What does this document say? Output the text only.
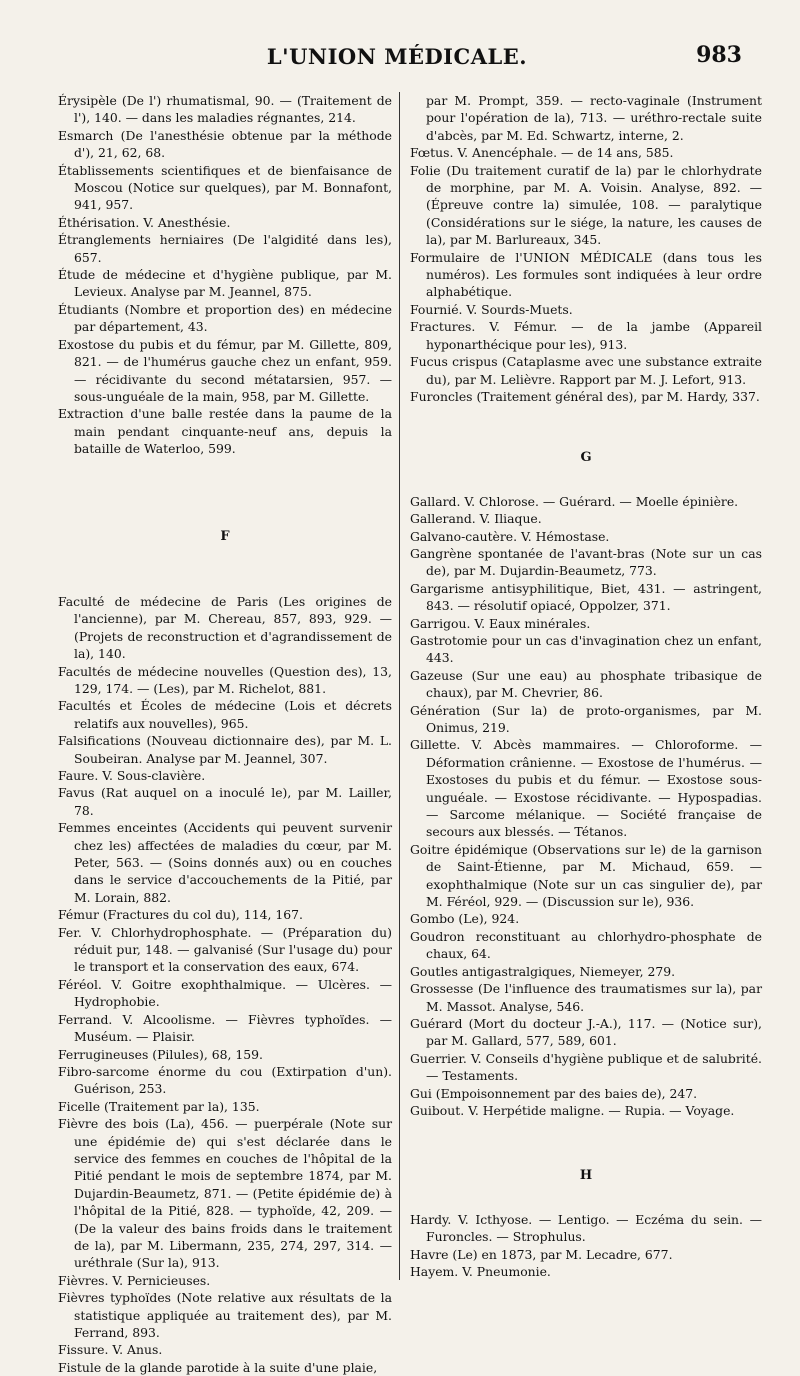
L'UNION MÉDICALE.	983

Érysipèle (De l') rhumatismal, 90. — (Traitement de l'), 140. — dans les maladies régnantes, 214.

Esmarch (De l'anesthésie obtenue par la méthode d'), 21, 62, 68.

Établissements scientifiques et de bienfaisance de Moscou (Notice sur quelques), par M. Bonnafont, 941, 957.

Éthérisation. V. Anesthésie.

Étranglements herniaires (De l'algidité dans les), 657.

Étude de médecine et d'hygiène publique, par M. Levieux. Analyse par M. Jeannel, 875.

Étudiants (Nombre et proportion des) en médecine par département, 43.

Exostose du pubis et du fémur, par M. Gillette, 809, 821. — de l'humérus gauche chez un enfant, 959. — récidivante du second métatarsien, 957. — sous-unguéale de la main, 958, par M. Gillette.

Extraction d'une balle restée dans la paume de la main pendant cinquante-neuf ans, depuis la bataille de Waterloo, 599.

F

Faculté de médecine de Paris (Les origines de l'ancienne), par M. Chereau, 857, 893, 929. — (Projets de reconstruction et d'agrandissement de la), 140.

Facultés de médecine nouvelles (Question des), 13, 129, 174. — (Les), par M. Richelot, 881.

Facultés et Écoles de médecine (Lois et décrets relatifs aux nouvelles), 965.

Falsifications (Nouveau dictionnaire des), par M. L. Soubeiran. Analyse par M. Jeannel, 307.

Faure. V. Sous-clavière.

Favus (Rat auquel on a inoculé le), par M. Lailler, 78.

Femmes enceintes (Accidents qui peuvent survenir chez les) affectées de maladies du cœur, par M. Peter, 563. — (Soins donnés aux) ou en couches dans le service d'accouchements de la Pitié, par M. Lorain, 882.

Fémur (Fractures du col du), 114, 167.

Fer. V. Chlorhydrophosphate. — (Préparation du) réduit pur, 148. — galvanisé (Sur l'usage du) pour le transport et la conservation des eaux, 674.

Féréol. V. Goitre exophthalmique. — Ulcères. — Hydrophobie.

Ferrand. V. Alcoolisme. — Fièvres typhoïdes. — Muséum. — Plaisir.

Ferrugineuses (Pilules), 68, 159.

Fibro-sarcome énorme du cou (Extirpation d'un). Guérison, 253.

Ficelle (Traitement par la), 135.

Fièvre des bois (La), 456. — puerpérale (Note sur une épidémie de) qui s'est déclarée dans le service des femmes en couches de l'hôpital de la Pitié pendant le mois de septembre 1874, par M. Dujardin-Beaumetz, 871. — (Petite épidémie de) à l'hôpital de la Pitié, 828. — typhoïde, 42, 209. — (De la valeur des bains froids dans le traitement de la), par M. Libermann, 235, 274, 297, 314. — uréthrale (Sur la), 913.

Fièvres. V. Pernicieuses.

Fièvres typhoïdes (Note relative aux résultats de la statistique appliquée au traitement des), par M. Ferrand, 893.

Fissure. V. Anus.

Fistule de la glande parotide à la suite d'une plaie,

par M. Prompt, 359. — recto-vaginale (Instrument pour l'opération de la), 713. — uréthro-rectale suite d'abcès, par M. Ed. Schwartz, interne, 2.

Fœtus. V. Anencéphale. — de 14 ans, 585.

Folie (Du traitement curatif de la) par le chlorhydrate de morphine, par M. A. Voisin. Analyse, 892. — (Épreuve contre la) simulée, 108. — paralytique (Considérations sur le siége, la nature, les causes de la), par M. Barlureaux, 345.

Formulaire de l'UNION MÉDICALE (dans tous les numéros). Les formules sont indiquées à leur ordre alphabétique.

Fournié. V. Sourds-Muets.

Fractures. V. Fémur. — de la jambe (Appareil hyponarthécique pour les), 913.

Fucus crispus (Cataplasme avec une substance extraite du), par M. Lelièvre. Rapport par M. J. Lefort, 913.

Furoncles (Traitement général des), par M. Hardy, 337.

G

Gallard. V. Chlorose. — Guérard. — Moelle épinière.

Gallerand. V. Iliaque.

Galvano-cautère. V. Hémostase.

Gangrène spontanée de l'avant-bras (Note sur un cas de), par M. Dujardin-Beaumetz, 773.

Gargarisme antisyphilitique, Biet, 431. — astringent, 843. — résolutif opiacé, Oppolzer, 371.

Garrigou. V. Eaux minérales.

Gastrotomie pour un cas d'invagination chez un enfant, 443.

Gazeuse (Sur une eau) au phosphate tribasique de chaux), par M. Chevrier, 86.

Génération (Sur la) de proto-organismes, par M. Onimus, 219.

Gillette. V. Abcès mammaires. — Chloroforme. — Déformation crânienne. — Exostose de l'humérus. — Exostoses du pubis et du fémur. — Exostose sous-unguéale. — Exostose récidivante. — Hypospadias. — Sarcome mélanique. — Société française de secours aux blessés. — Tétanos.

Goitre épidémique (Observations sur le) de la garnison de Saint-Étienne, par M. Michaud, 659. — exophthalmique (Note sur un cas singulier de), par M. Féréol, 929. — (Discussion sur le), 936.

Gombo (Le), 924.

Goudron reconstituant au chlorhydro-phosphate de chaux, 64.

Goutles antigastralgiques, Niemeyer, 279.

Grossesse (De l'influence des traumatismes sur la), par M. Massot. Analyse, 546.

Guérard (Mort du docteur J.-A.), 117. — (Notice sur), par M. Gallard, 577, 589, 601.

Guerrier. V. Conseils d'hygiène publique et de salubrité. — Testaments.

Gui (Empoisonnement par des baies de), 247.

Guibout. V. Herpétide maligne. — Rupia. — Voyage.

H

Hardy. V. Icthyose. — Lentigo. — Eczéma du sein. — Furoncles. — Strophulus.

Havre (Le) en 1873, par M. Lecadre, 677.

Hayem. V. Pneumonie.
